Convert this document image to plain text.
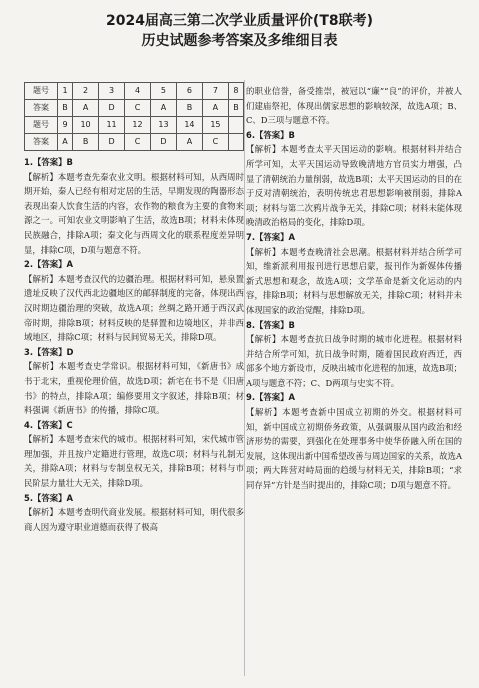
2024届高三第二次学业质量评价(T8联考)
历史试题参考答案及多维细目表
题号	1	2	3	4	5	6	7	8
答案	B	A	D	C	A	B	A	B
题号	9	10	11	12	13	14	15	
答案	A	B	D	C	D	A	C	
1.【答案】B

【解析】本题考查先秦农业文明。根据材料可知，从西周时期开始，秦人已经有相对定居的生活，早期发现的陶器形态表现出秦人饮食生活的内容，农作物的粮食为主要的食物来源之一。可知农业文明影响了生活，故选B项；材料未体现民族融合，排除A项；秦文化与西周文化的联系程度差异明显，排除C项，D项与题意不符。

2.【答案】A

【解析】本题考查汉代的边疆治理。根据材料可知，悬泉置遗址反映了汉代西北边疆地区的邮驿制度的完备，体现出西汉时期边疆治理的突破，故选A项；丝绸之路开通于西汉武帝时期，排除B项；材料反映的是驿置和边境地区，并非西域地区，排除C项；材料与民间贸易无关，排除D项。

3.【答案】D

【解析】本题考查史学常识。根据材料可知，《新唐书》成书于北宋，重视伦理价值，故选D项；新宅在书不是《旧唐书》的特点，排除A项；编修要用文字叙述，排除B项；材料强调《新唐书》的传播，排除C项。

4.【答案】C

【解析】本题考查宋代的城市。根据材料可知，宋代城市管理加强，并且按户定籍进行管理，故选C项；材料与礼制无关，排除A项；材料与专制皇权无关，排除B项；材料与市民阶层力量壮大无关，排除D项。

5.【答案】A

【解析】本题考查明代商业发展。根据材料可知，明代很多商人因为遵守职业道德而获得了极高

的职业信誉，备受推崇，被冠以“廉”“良”的评价，并被人们建庙祭祀，体现出儒家思想的影响较深，故选A项；B、C、D三项与题意不符。

6.【答案】B

【解析】本题考查太平天国运动的影响。根据材料并结合所学可知，太平天国运动导致晚清地方官员实力增强，凸显了清朝统治力量削弱，故选B项；太平天国运动的目的在于反对清朝统治，表明传统忠君思想影响被削弱，排除A项；材料与第二次鸦片战争无关，排除C项；材料未能体现晚清政治格局的变化，排除D项。

7.【答案】A

【解析】本题考查晚清社会思潮。根据材料并结合所学可知，维新派利用报刊进行思想启蒙，报刊作为新媒体传播新式思想和观念，故选A项；文学革命是新文化运动的内容，排除B项；材料与思想解放无关，排除C项；材料并未体现国家的政治觉醒，排除D项。

8.【答案】B

【解析】本题考查抗日战争时期的城市化进程。根据材料并结合所学可知，抗日战争时期，随着国民政府西迁，西部多个地方新设市，反映出城市化进程的加速，故选B项；A项与题意不符；C、D两项与史实不符。

9.【答案】A

【解析】本题考查新中国成立初期的外交。根据材料可知，新中国成立初期侨务政策，从强调服从国内政治和经济形势的需要，到强化在处理事务中使华侨融入所在国的发展，这体现出新中国希望改善与周边国家的关系，故选A项；两大阵营对峙局面的趋缓与材料无关，排除B项；“求同存异”方针是当时提出的，排除C项；D项与题意不符。
